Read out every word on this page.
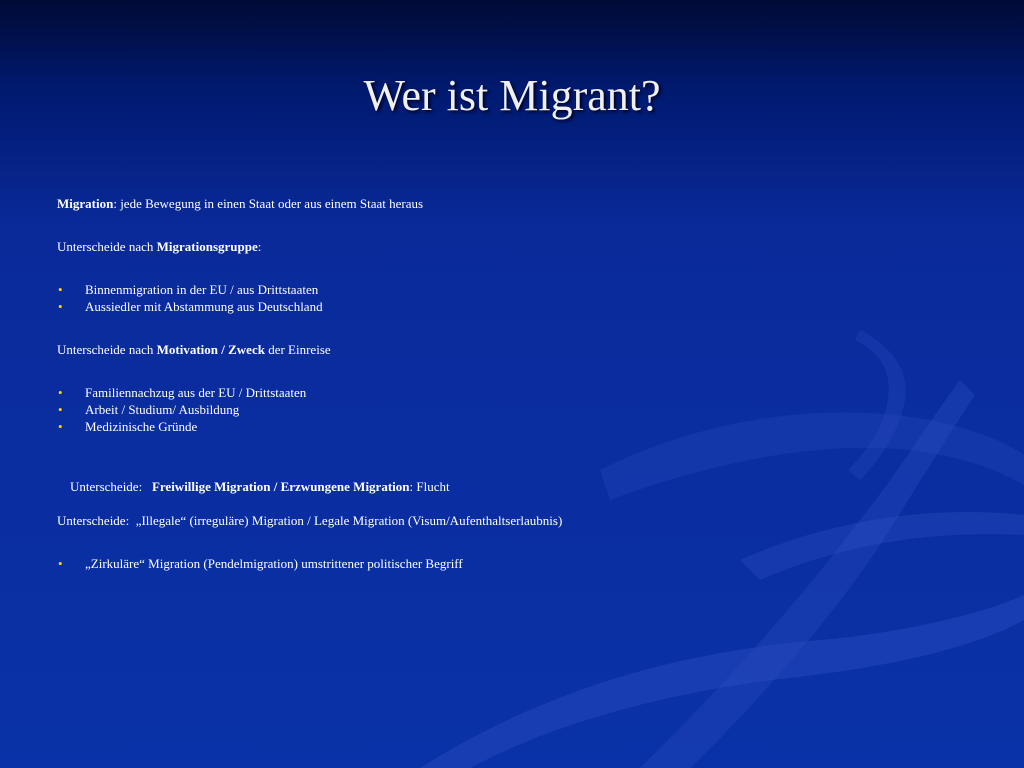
Wer ist Migrant?

Migration: jede Bewegung in einen Staat oder aus einem Staat heraus

Unterscheide nach Migrationsgruppe:

• Binnenmigration in der EU / aus Drittstaaten
• Aussiedler mit Abstammung aus Deutschland

Unterscheide nach Motivation / Zweck der Einreise

• Familiennachzug aus der EU / Drittstaaten
• Arbeit / Studium/ Ausbildung
• Medizinische Gründe

Unterscheide:   Freiwillige Migration / Erzwungene Migration: Flucht

Unterscheide:  „Illegale“ (irreguläre) Migration / Legale Migration (Visum/Aufenthaltserlaubnis)

• „Zirkuläre“ Migration (Pendelmigration) umstrittener politischer Begriff
